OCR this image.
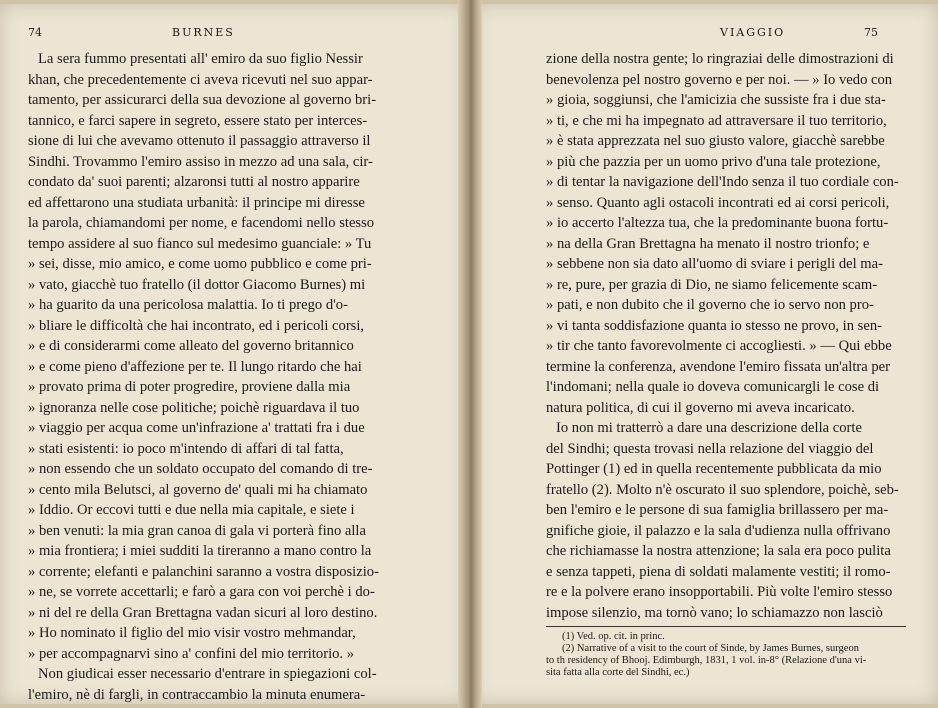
74	BURNES
La sera fummo presentati all' emiro da suo figlio Nessir
khan, che precedentemente ci aveva ricevuti nel suo appar-
tamento, per assicurarci della sua devozione al governo bri-
tannico, e farci sapere in segreto, essere stato per interces-
sione di lui che avevamo ottenuto il passaggio attraverso il
Sindhi. Trovammo l'emiro assiso in mezzo ad una sala, cir-
condato da' suoi parenti; alzaronsi tutti al nostro apparire
ed affettarono una studiata urbanità: il principe mi diresse
la parola, chiamandomi per nome, e facendomi nello stesso
tempo assidere al suo fianco sul medesimo guanciale: » Tu
» sei, disse, mio amico, e come uomo pubblico e come pri-
» vato, giacchè tuo fratello (il dottor Giacomo Burnes) mi
» ha guarito da una pericolosa malattia. Io ti prego d'o-
» bliare le difficoltà che hai incontrato, ed i pericoli corsi,
» e di considerarmi come alleato del governo britannico
» e come pieno d'affezione per te. Il lungo ritardo che hai
» provato prima di poter progredire, proviene dalla mia
» ignoranza nelle cose politiche; poichè riguardava il tuo
» viaggio per acqua come un'infrazione a' trattati fra i due
» stati esistenti: io poco m'intendo di affari di tal fatta,
» non essendo che un soldato occupato del comando di tre-
» cento mila Belutsci, al governo de' quali mi ha chiamato
» Iddio. Or eccovi tutti e due nella mia capitale, e siete i
» ben venuti: la mia gran canoa di gala vi porterà fino alla
» mia frontiera; i miei sudditi la tireranno a mano contro la
» corrente; elefanti e palanchini saranno a vostra disposizio-
» ne, se vorrete accettarli; e farò a gara con voi perchè i do-
» ni del re della Gran Brettagna vadan sicuri al loro destino.
» Ho nominato il figlio del mio visir vostro mehmandar,
» per accompagnarvi sino a' confini del mio territorio. »
Non giudicai esser necessario d'entrare in spiegazioni col-
l'emiro, nè di fargli, in contraccambio la minuta enumera-
VIAGGIO	75
zione della nostra gente; lo ringraziai delle dimostrazioni di
benevolenza pel nostro governo e per noi. — » Io vedo con
» gioia, soggiunsi, che l'amicizia che sussiste fra i due sta-
» ti, e che mi ha impegnato ad attraversare il tuo territorio,
» è stata apprezzata nel suo giusto valore, giacchè sarebbe
» più che pazzia per un uomo privo d'una tale protezione,
» di tentar la navigazione dell'Indo senza il tuo cordiale con-
» senso. Quanto agli ostacoli incontrati ed ai corsi pericoli,
» io accerto l'altezza tua, che la predominante buona fortu-
» na della Gran Brettagna ha menato il nostro trionfo; e
» sebbene non sia dato all'uomo di sviare i perigli del ma-
» re, pure, per grazia di Dio, ne siamo felicemente scam-
» pati, e non dubito che il governo che io servo non pro-
» vi tanta soddisfazione quanta io stesso ne provo, in sen-
» tir che tanto favorevolmente ci accogliesti. » — Qui ebbe
termine la conferenza, avendone l'emiro fissata un'altra per
l'indomani; nella quale io doveva comunicargli le cose di
natura politica, di cui il governo mi aveva incaricato.
Io non mi tratterrò a dare una descrizione della corte
del Sindhi; questa trovasi nella relazione del viaggio del
Pottinger (1) ed in quella recentemente pubblicata da mio
fratello (2). Molto n'è oscurato il suo splendore, poichè, seb-
ben l'emiro e le persone di sua famiglia brillassero per ma-
gnifiche gioie, il palazzo e la sala d'udienza nulla offrivano
che richiamasse la nostra attenzione; la sala era poco pulita
e senza tappeti, piena di soldati malamente vestiti; il romo-
re e la polvere erano insopportabili. Più volte l'emiro stesso
impose silenzio, ma tornò vano; lo schiamazzo non lasciò
(1) Ved. op. cit. in princ.
(2) Narrative of a visit to the court of Sinde, by James Burnes, surgeon
to th residency of Bhooj. Edimburgh, 1831, 1 vol. in-8° (Relazione d'una vi-
sita fatta alla corte del Sindhi, ec.)
